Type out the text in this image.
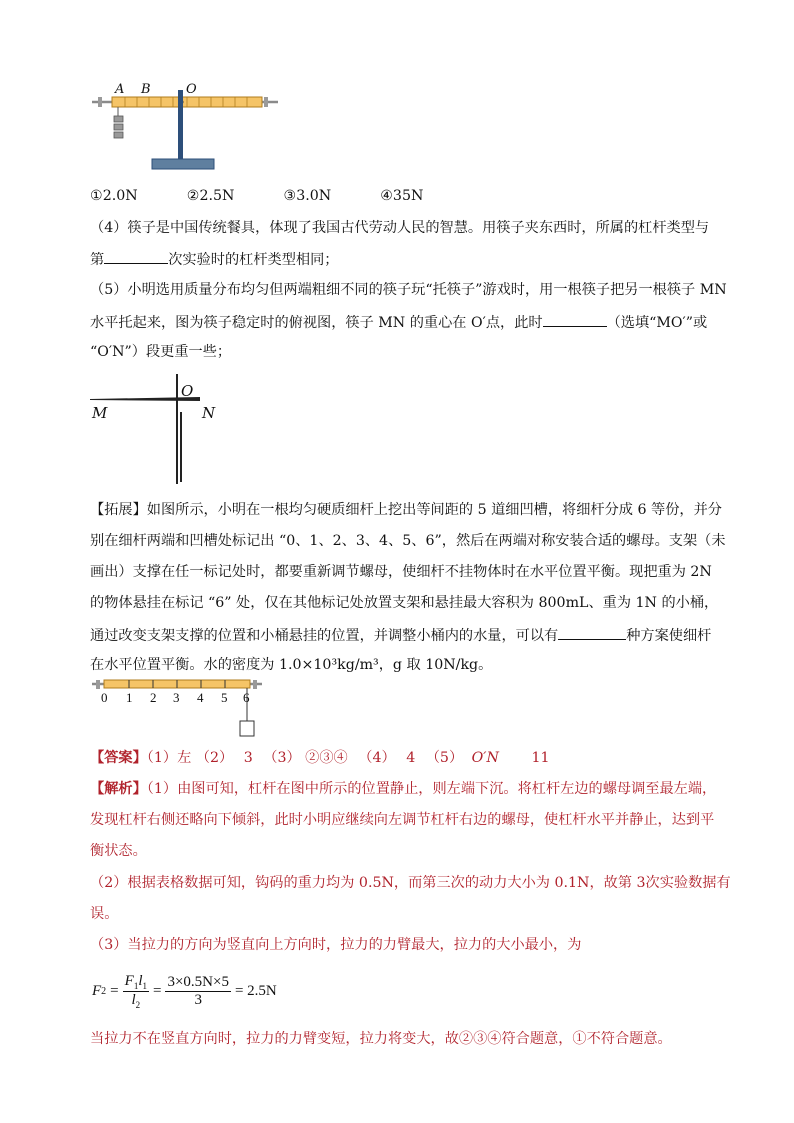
A B	O
①2.0N	②2.5N	③3.0N	④35N
（4）筷子是中国传统餐具，体现了我国古代劳动人民的智慧。用筷子夹东西时，所属的杠杆类型与
第	次实验时的杠杆类型相同；
（5）小明选用质量分布均匀但两端粗细不同的筷子玩“托筷子”游戏时，用一根筷子把另一根筷子 MN
水平托起来，图为筷子稳定时的俯视图，筷子 MN 的重心在 O′点，此时	（选填“MO′”或
“O′N”）段更重一些；
M
O
N
【拓展】如图所示，小明在一根均匀硬质细杆上挖出等间距的 5 道细凹槽，将细杆分成 6 等份，并分
别在细杆两端和凹槽处标记出 “0、1、2、3、4、5、6”，然后在两端对称安装合适的螺母。支架（未
画出）支撑在任一标记处时，都要重新调节螺母，使细杆不挂物体时在水平位置平衡。现把重为 2N
的物体悬挂在标记 “6” 处，仅在其他标记处放置支架和悬挂最大容积为 800mL、重为 1N 的小桶，
通过改变支架支撑的位置和小桶悬挂的位置，并调整小桶内的水量，可以有	种方案使细杆
在水平位置平衡。水的密度为 1.0×10³kg/m³，g 取 10N/kg。
0 1 2 3 4 5 6
【答案】（1）左 （2） 3 （3） ②③④ （4） 4 （5） O′N 11
【解析】（1）由图可知，杠杆在图中所示的位置静止，则左端下沉。将杠杆左边的螺母调至最左端，
发现杠杆右侧还略向下倾斜，此时小明应继续向左调节杠杆右边的螺母，使杠杆水平并静止，达到平
衡状态。
（2）根据表格数据可知，钩码的重力均为 0.5N，而第三次的动力大小为 0.1N，故第 3次实验数据有
误。
（3）当拉力的方向为竖直向上方向时，拉力的力臂最大，拉力的大小最小，为
F $2 = \frac{F_1l_1}{l_2} = \frac{3\times 0.5N\times 5}{3} = 2.5N$
当拉力不在竖直方向时，拉力的力臂变短，拉力将变大，故②③④符合题意，①不符合题意。
